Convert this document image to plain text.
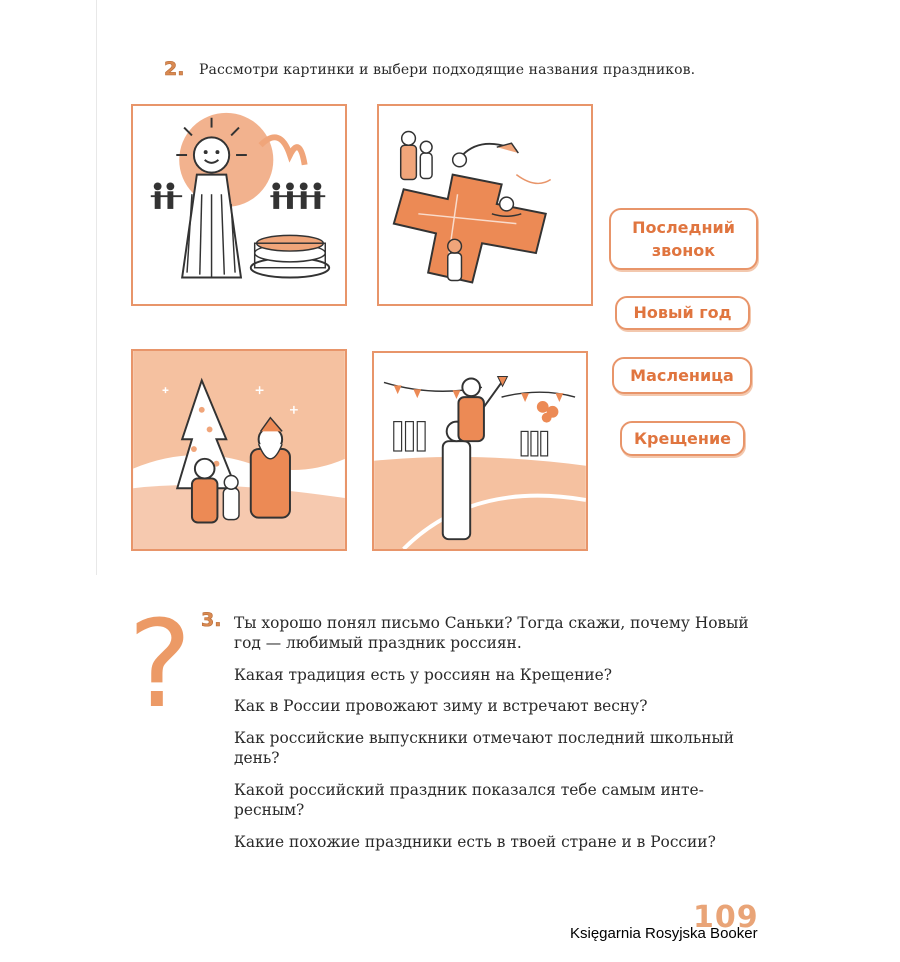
2. Рассмотри картинки и выбери подходящие названия праздников.
Последний
звонок
Новый год
Масленица
Крещение
? 3. Ты хорошо понял письмо Саньки? Тогда скажи, почему Новый
год — любимый праздник россиян.
Какая традиция есть у россиян на Крещение?
Как в России провожают зиму и встречают весну?
Как российские выпускники отмечают последний школьный
день?
Какой российский праздник показался тебе самым инте-
ресным?
Какие похожие праздники есть в твоей стране и в России?
109
Księgarnia Rosyjska Booker
